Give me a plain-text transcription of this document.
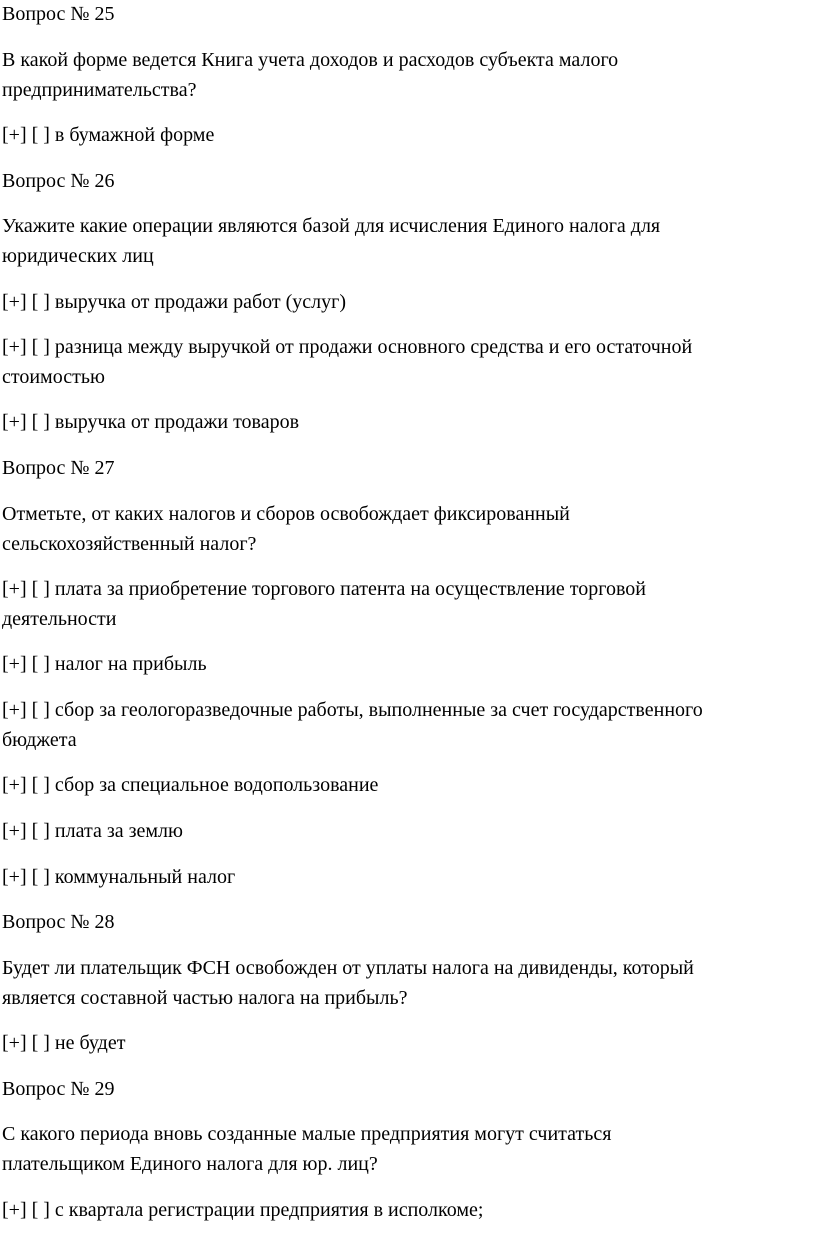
Вопрос № 25
В какой форме ведется Книга учета доходов и расходов субъекта малого
предпринимательства?
[+] [ ] в бумажной форме
Вопрос № 26
Укажите какие операции являются базой для исчисления Единого налога для
юридических лиц
[+] [ ] выручка от продажи работ (услуг)
[+] [ ] разница между выручкой от продажи основного средства и его остаточной
стоимостью
[+] [ ] выручка от продажи товаров
Вопрос № 27
Отметьте, от каких налогов и сборов освобождает фиксированный
сельскохозяйственный налог?
[+] [ ] плата за приобретение торгового патента на осуществление торговой
деятельности
[+] [ ] налог на прибыль
[+] [ ] сбор за геологоразведочные работы, выполненные за счет государственного
бюджета
[+] [ ] сбор за специальное водопользование
[+] [ ] плата за землю
[+] [ ] коммунальный налог
Вопрос № 28
Будет ли плательщик ФСН освобожден от уплаты налога на дивиденды, который
является составной частью налога на прибыль?
[+] [ ] не будет
Вопрос № 29
С какого периода вновь созданные малые предприятия могут считаться
плательщиком Единого налога для юр. лиц?
[+] [ ] с квартала регистрации предприятия в исполкоме;
